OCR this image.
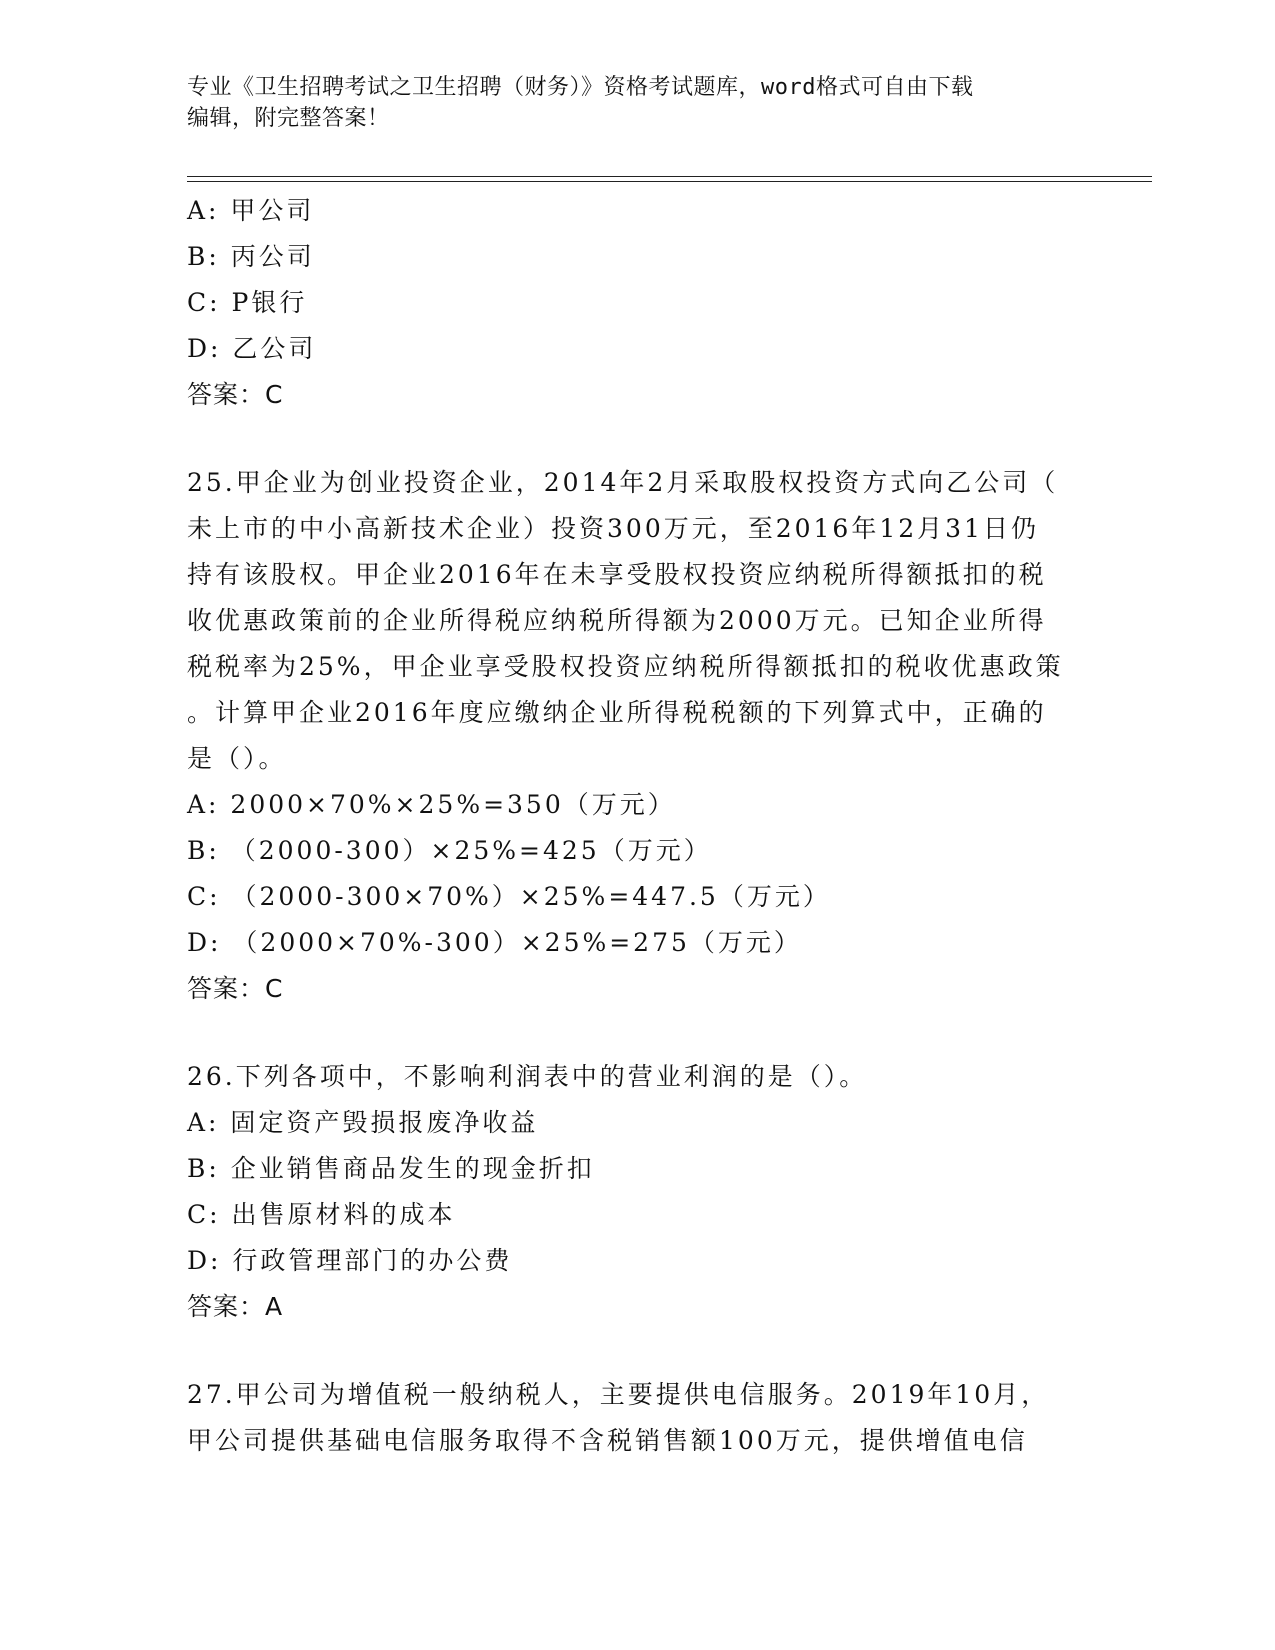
专业《卫生招聘考试之卫生招聘（财务）》资格考试题库，word格式可自由下载
编辑，附完整答案！
A: 甲公司
B: 丙公司
C: P银行
D: 乙公司
答案：C
25.甲企业为创业投资企业，2014年2月采取股权投资方式向乙公司（
未上市的中小高新技术企业）投资300万元，至2016年12月31日仍
持有该股权。甲企业2016年在未享受股权投资应纳税所得额抵扣的税
收优惠政策前的企业所得税应纳税所得额为2000万元。已知企业所得
税税率为25%，甲企业享受股权投资应纳税所得额抵扣的税收优惠政策
。计算甲企业2016年度应缴纳企业所得税税额的下列算式中，正确的
是（）。
A: 2000×70%×25%=350（万元）
B: （2000-300）×25%=425（万元）
C: （2000-300×70%）×25%=447.5（万元）
D: （2000×70%-300）×25%=275（万元）
答案：C
26.下列各项中，不影响利润表中的营业利润的是（）。
A: 固定资产毁损报废净收益
B: 企业销售商品发生的现金折扣
C: 出售原材料的成本
D: 行政管理部门的办公费
答案：A
27.甲公司为增值税一般纳税人，主要提供电信服务。2019年10月，
甲公司提供基础电信服务取得不含税销售额100万元，提供增值电信
